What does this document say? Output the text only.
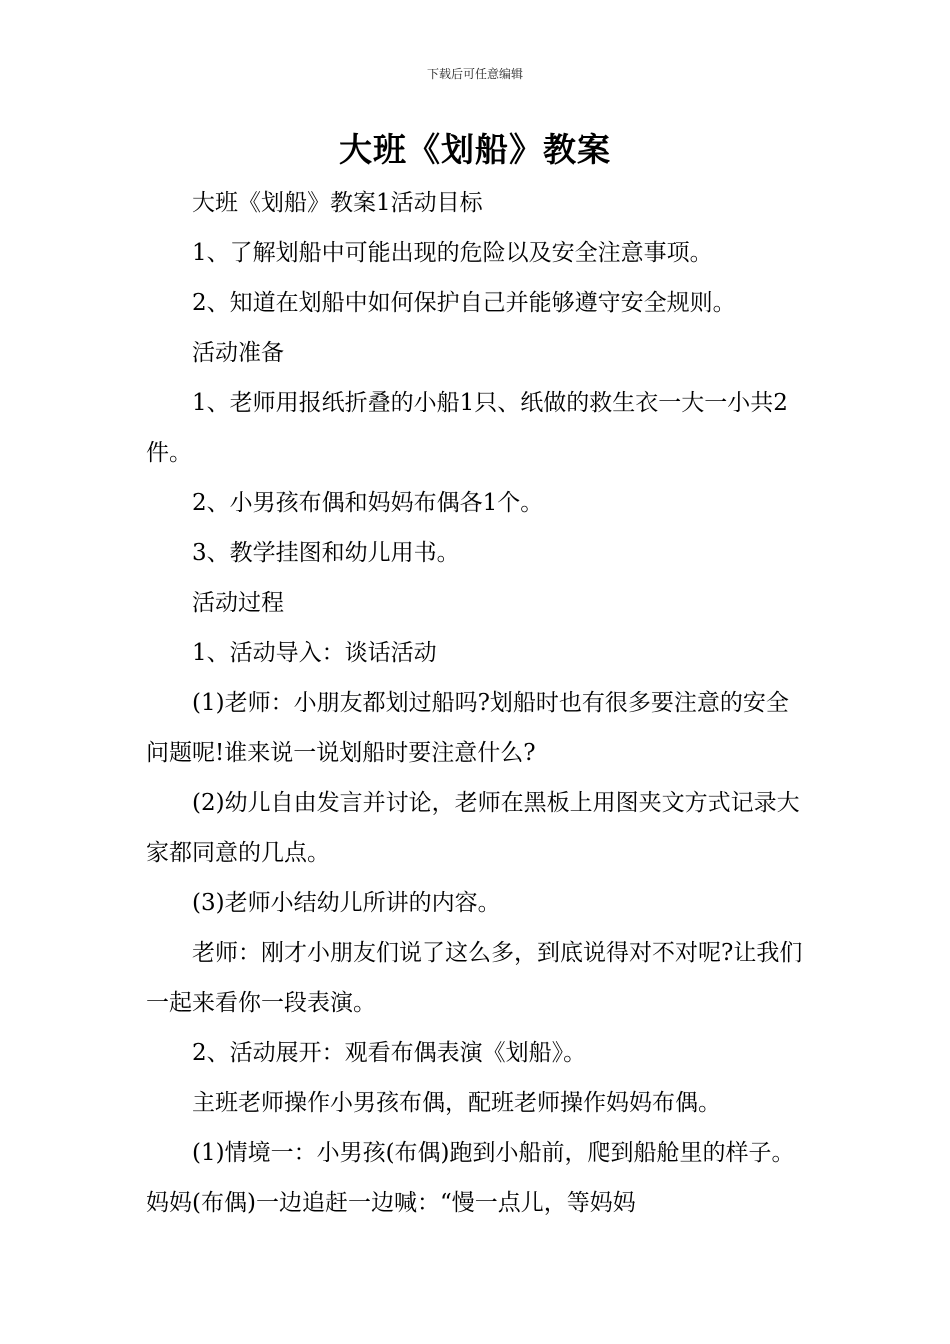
下载后可任意编辑
大班《划船》教案

大班《划船》教案1活动目标

1、了解划船中可能出现的危险以及安全注意事项。

2、知道在划船中如何保护自己并能够遵守安全规则。

活动准备

1、老师用报纸折叠的小船1只、纸做的救生衣一大一小共2件。

2、小男孩布偶和妈妈布偶各1个。

3、教学挂图和幼儿用书。

活动过程

1、活动导入：谈话活动

(1)老师：小朋友都划过船吗?划船时也有很多要注意的安全问题呢!谁来说一说划船时要注意什么?

(2)幼儿自由发言并讨论，老师在黑板上用图夹文方式记录大家都同意的几点。

(3)老师小结幼儿所讲的内容。

老师：刚才小朋友们说了这么多，到底说得对不对呢?让我们一起来看你一段表演。

2、活动展开：观看布偶表演《划船》。

主班老师操作小男孩布偶，配班老师操作妈妈布偶。

(1)情境一：小男孩(布偶)跑到小船前，爬到船舱里的样子。妈妈(布偶)一边追赶一边喊：“慢一点儿，等妈妈
